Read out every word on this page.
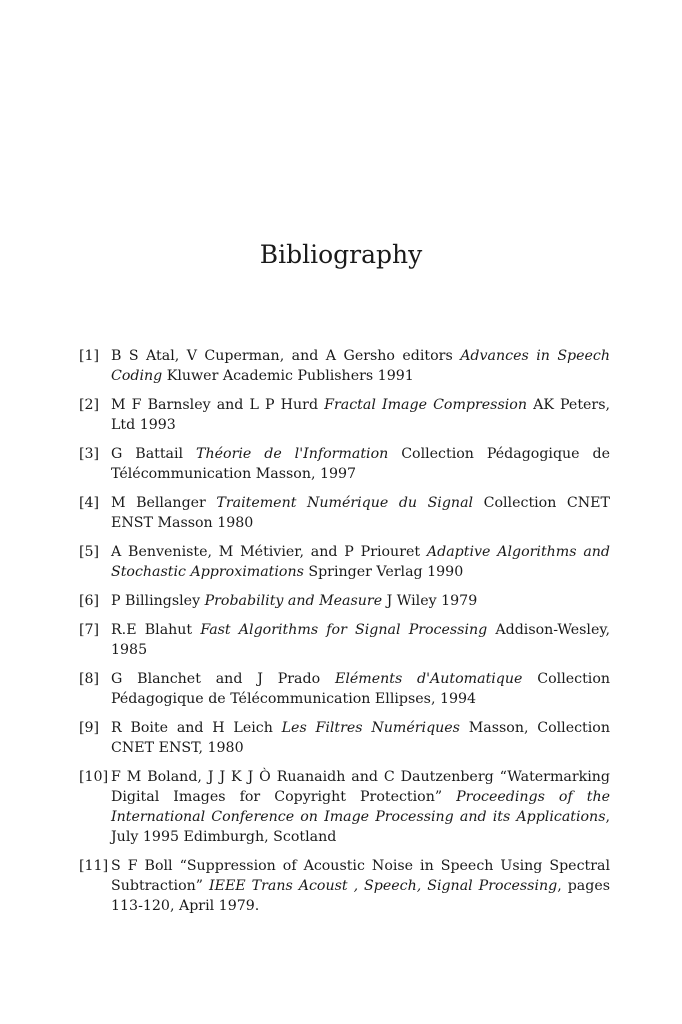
Bibliography
[1] B S Atal, V Cuperman, and A Gersho editors Advances in Speech Coding Kluwer Academic Publishers 1991
[2] M F Barnsley and L P Hurd Fractal Image Compression AK Peters, Ltd 1993
[3] G Battail Théorie de l'Information Collection Pédagogique de Télécommunication Masson, 1997
[4] M Bellanger Traitement Numérique du Signal Collection CNET ENST Masson 1980
[5] A Benveniste, M Métivier, and P Priouret Adaptive Algorithms and Stochastic Approximations Springer Verlag 1990
[6] P Billingsley Probability and Measure J Wiley 1979
[7] R.E Blahut Fast Algorithms for Signal Processing Addison-Wesley, 1985
[8] G Blanchet and J Prado Eléments d'Automatique Collection Pédagogique de Télécommunication Ellipses, 1994
[9] R Boite and H Leich Les Filtres Numériques Masson, Collection CNET ENST, 1980
[10] F M Boland, J J K J Ò Ruanaidh and C Dautzenberg “Watermarking Digital Images for Copyright Protection” Proceedings of the International Conference on Image Processing and its Applications, July 1995 Edimburgh, Scotland
[11] S F Boll “Suppression of Acoustic Noise in Speech Using Spectral Subtraction” IEEE Trans Acoust , Speech, Signal Processing, pages 113-120, April 1979.
